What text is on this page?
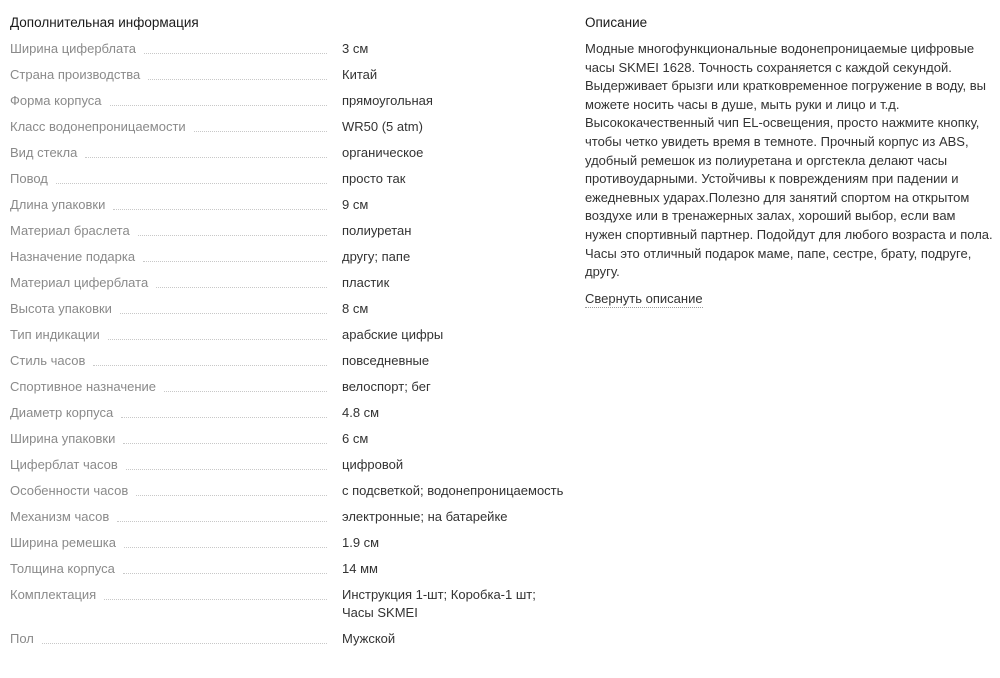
Дополнительная информация
Ширина циферблата	3 см
Страна производства	Китай
Форма корпуса	прямоугольная
Класс водонепроницаемости	WR50 (5 atm)
Вид стекла	органическое
Повод	просто так
Длина упаковки	9 см
Материал браслета	полиуретан
Назначение подарка	другу; папе
Материал циферблата	пластик
Высота упаковки	8 см
Тип индикации	арабские цифры
Стиль часов	повседневные
Спортивное назначение	велоспорт; бег
Диаметр корпуса	4.8 см
Ширина упаковки	6 см
Циферблат часов	цифровой
Особенности часов	с подсветкой; водонепроницаемость
Механизм часов	электронные; на батарейке
Ширина ремешка	1.9 см
Толщина корпуса	14 мм
Комплектация	Инструкция 1-шт; Коробка-1 шт; Часы SKMEI
Пол	Мужской
Описание

Модные многофункциональные водонепроницаемые цифровые часы SKMEI 1628. Точность сохраняется с каждой секундой. Выдерживает брызги или кратковременное погружение в воду, вы можете носить часы в душе, мыть руки и лицо и т.д. Высококачественный чип EL-освещения, просто нажмите кнопку, чтобы четко увидеть время в темноте. Прочный корпус из ABS, удобный ремешок из полиуретана и оргстекла делают часы противоударными. Устойчивы к повреждениям при падении и ежедневных ударах.Полезно для занятий спортом на открытом воздухе или в тренажерных залах, хороший выбор, если вам нужен спортивный партнер. Подойдут для любого возраста и пола. Часы это отличный подарок маме, папе, сестре, брату, подруге, другу.

Свернуть описание
